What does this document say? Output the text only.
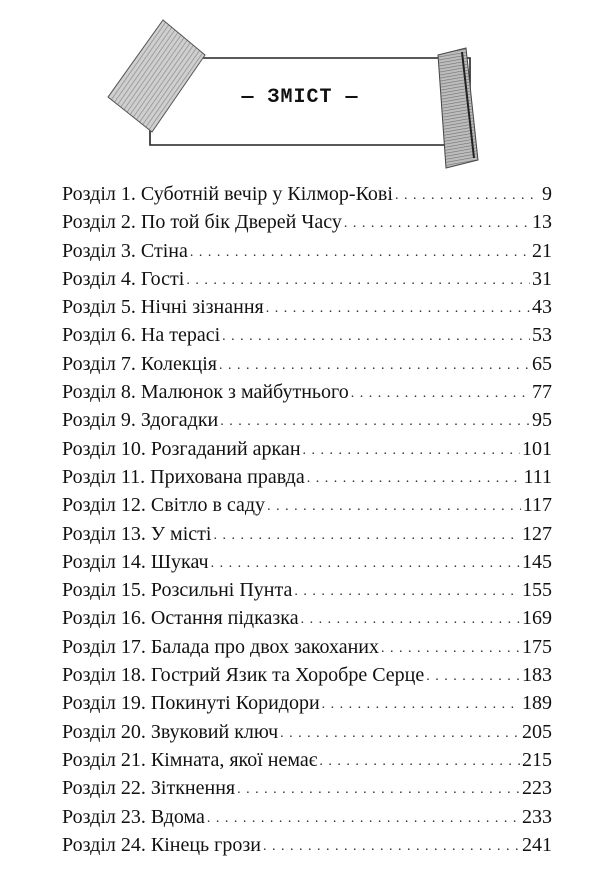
— ЗМІСТ —
Розділ 1. Суботній вечір у Кілмор-Кові . . .	9
Розділ 2. По той бік Дверей Часу . . .	13
Розділ 3. Стіна . . .	21
Розділ 4. Гості . . .	31
Розділ 5. Нічні зізнання . . .	43
Розділ 6. На терасі . . .	53
Розділ 7. Колекція . . .	65
Розділ 8. Малюнок з майбутнього . . .	77
Розділ 9. Здогадки . . .	95
Розділ 10. Розгаданий аркан . . .	101
Розділ 11. Прихована правда . . .	111
Розділ 12. Світло в саду . . .	117
Розділ 13. У місті . . .	127
Розділ 14. Шукач . . .	145
Розділ 15. Розсильні Пунта . . .	155
Розділ 16. Остання підказка . . .	169
Розділ 17. Балада про двох закоханих . . .	175
Розділ 18. Гострий Язик та Хоробре Серце . . .	183
Розділ 19. Покинуті Коридори . . .	189
Розділ 20. Звуковий ключ . . .	205
Розділ 21. Кімната, якої немає . . .	215
Розділ 22. Зіткнення . . .	223
Розділ 23. Вдома . . .	233
Розділ 24. Кінець грози . . .	241
